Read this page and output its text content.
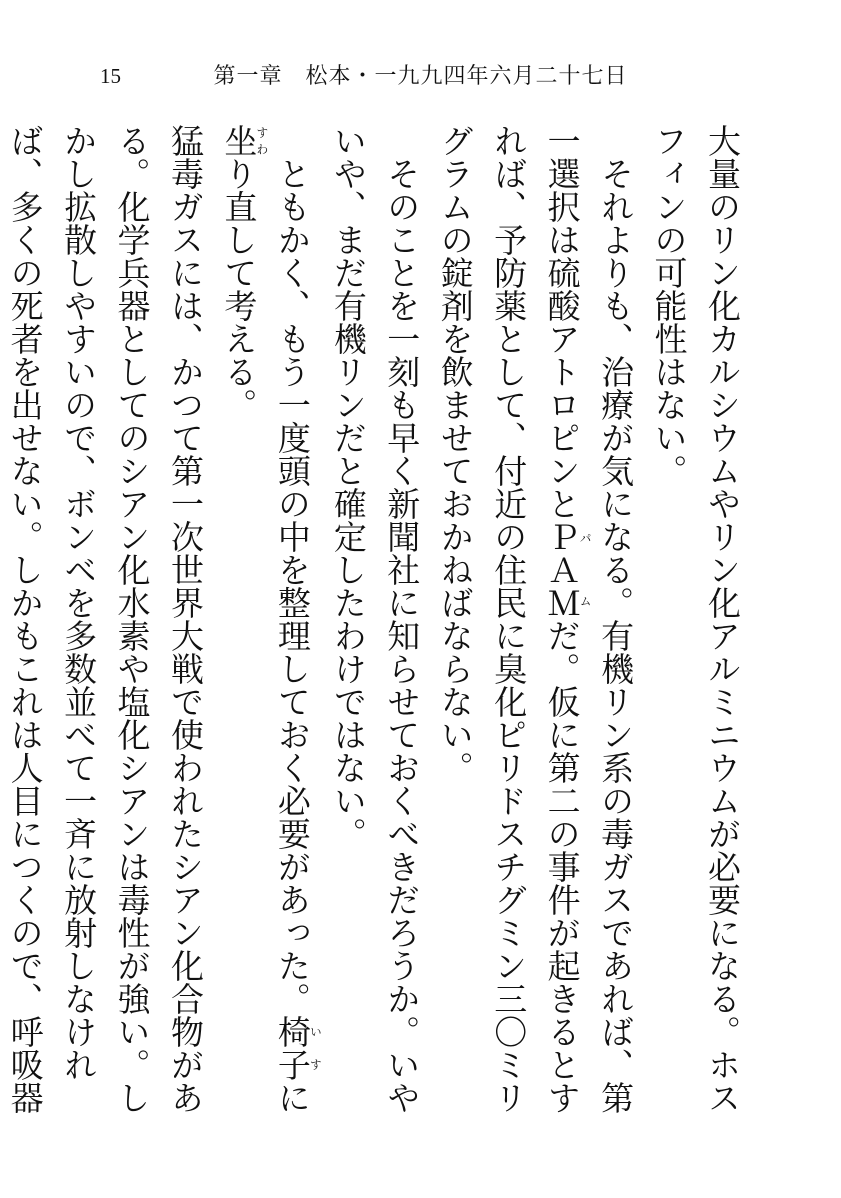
15	第一章　松本・一九九四年六月二十七日

大量のリン化カルシウムやリン化アルミニウムが必要になる。ホスフィンの可能性はない。

それよりも、治療が気になる。有機リン系の毒ガスであれば、第一選択は硫酸アトロピンとＰＡＭパムだ。仮に第二の事件が起きるとすれば、予防薬として、付近の住民に臭化ピリドスチグミン三〇ミリグラムの錠剤を飲ませておかねばならない。

そのことを一刻も早く新聞社に知らせておくべきだろうか。いやいや、まだ有機リンだと確定したわけではない。

ともかく、もう一度頭の中を整理しておく必要があった。椅子いすに坐すわり直して考える。

猛毒ガスには、かつて第一次世界大戦で使われたシアン化合物がある。化学兵器としてのシアン化水素や塩化シアンは毒性が強い。しかし拡散しやすいので、ボンベを多数並べて一斉に放射しなければ、多くの死者を出せない。しかもこれは人目につくので、呼吸器
